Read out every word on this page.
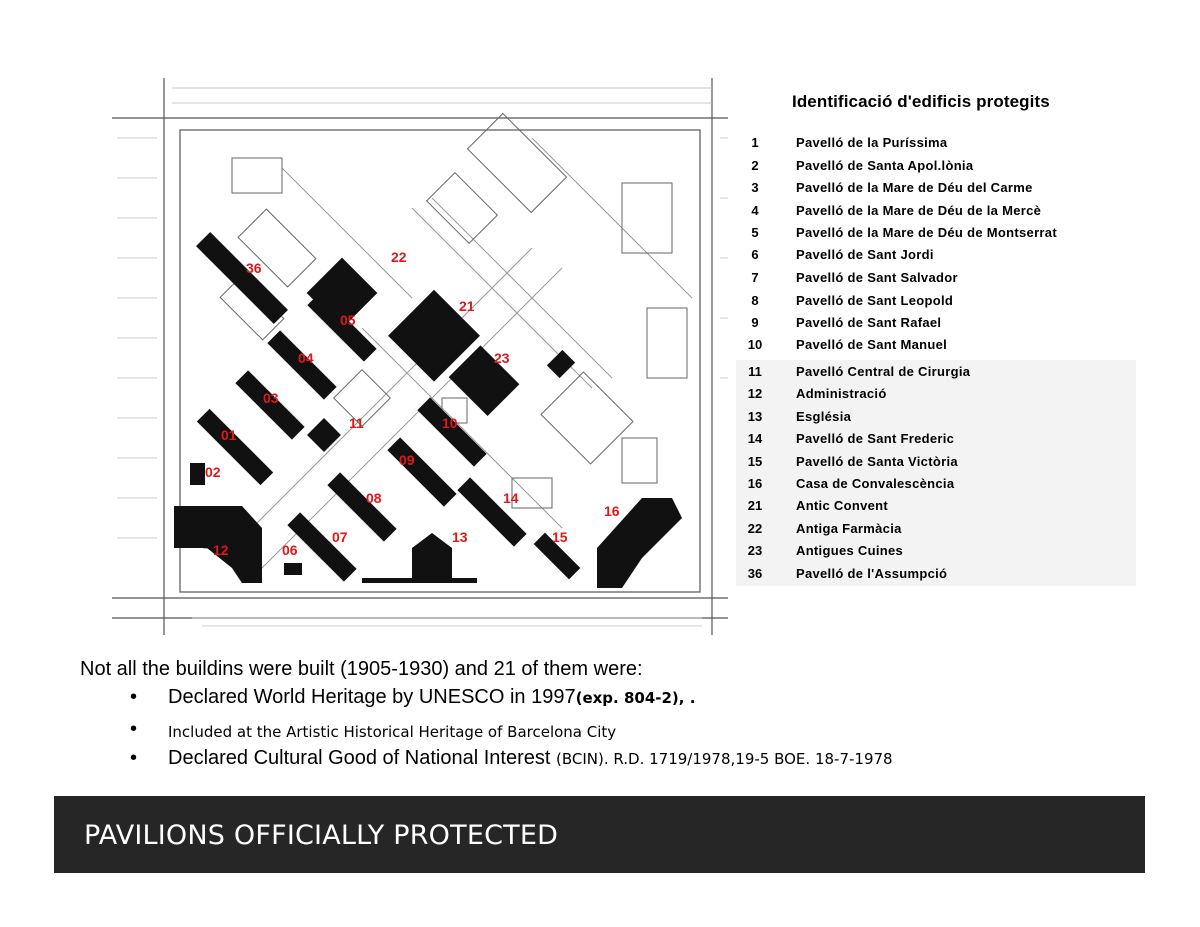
36
22
21
05
04	23
03
11	10
01
09
02
08	14
16
07	13	15
12	06
Identificació d'edificis protegits
1	Pavelló de la Puríssima
2	Pavelló de Santa Apol.lònia
3	Pavelló de la Mare de Déu del Carme
4	Pavelló de la Mare de Déu de la Mercè
5	Pavelló de la Mare de Déu de Montserrat
6	Pavelló de Sant Jordi
7	Pavelló de Sant Salvador
8	Pavelló de Sant Leopold
9	Pavelló de Sant Rafael
10	Pavelló de Sant Manuel
11	Pavelló Central de Cirurgia
12	Administració
13	Església
14	Pavelló de Sant Frederic
15	Pavelló de Santa Victòria
16	Casa de Convalescència
21	Antic Convent
22	Antiga Farmàcia
23	Antigues Cuines
36	Pavelló de l'Assumpció
Not all the buildins were built (1905-1930) and 21 of them were:
• Declared World Heritage by UNESCO in 1997(exp. 804-2), .
• Included at the Artistic Historical Heritage of Barcelona City
• Declared Cultural Good of National Interest (BCIN). R.D. 1719/1978,19-5 BOE. 18-7-1978
PAVILIONS OFFICIALLY PROTECTED
